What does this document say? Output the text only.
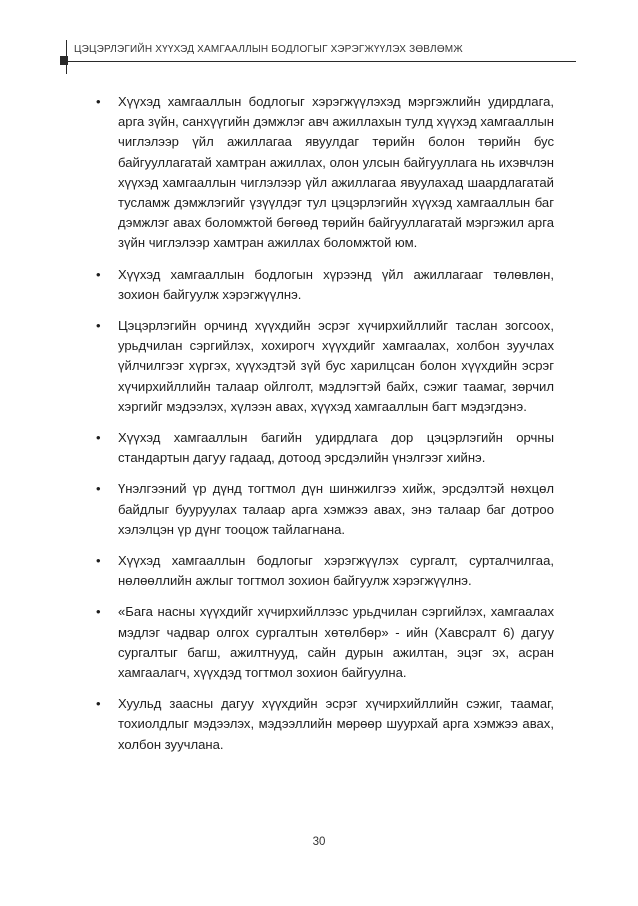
ЦЭЦЭРЛЭГИЙН ХҮҮХЭД ХАМГААЛЛЫН БОДЛОГЫГ ХЭРЭГЖҮҮЛЭХ ЗӨВЛӨМЖ
• Хүүхэд хамгааллын бодлогыг хэрэгжүүлэхэд мэргэжлийн удирдлага, арга зүйн, санхүүгийн дэмжлэг авч ажиллахын тулд хүүхэд хамгааллын чиглэлээр үйл ажиллагаа явуулдаг төрийн болон төрийн бус байгууллагатай хамтран ажиллах, олон улсын байгууллага нь ихэвчлэн хүүхэд хамгааллын чиглэлээр үйл ажиллагаа явуулахад шаардлагатай тусламж дэмжлэгийг үзүүлдэг тул цэцэрлэгийн хүүхэд хамгааллын баг дэмжлэг авах боломжтой бөгөөд төрийн байгууллагатай мэргэжил арга зүйн чиглэлээр хамтран ажиллах боломжтой юм.
• Хүүхэд хамгааллын бодлогын хүрээнд үйл ажиллагааг төлөвлөн, зохион байгуулж хэрэгжүүлнэ.
• Цэцэрлэгийн орчинд хүүхдийн эсрэг хүчирхийллийг таслан зогсоох, урьдчилан сэргийлэх, хохирогч хүүхдийг хамгаалах, холбон зуучлах үйлчилгээг хүргэх, хүүхэдтэй зүй бус харилцсан болон хүүхдийн эсрэг хүчирхийллийн талаар ойлголт, мэдлэгтэй байх, сэжиг таамаг, зөрчил хэргийг мэдээлэх, хүлээн авах, хүүхэд хамгааллын багт мэдэгдэнэ.
• Хүүхэд хамгааллын багийн удирдлага дор цэцэрлэгийн орчны стандартын дагуу гадаад, дотоод эрсдэлийн үнэлгээг хийнэ.
• Үнэлгээний үр дүнд тогтмол дүн шинжилгээ хийж, эрсдэлтэй нөхцөл байдлыг бууруулах талаар арга хэмжээ авах, энэ талаар баг дотроо хэлэлцэн үр дүнг тооцож тайлагнана.
• Хүүхэд хамгааллын бодлогыг хэрэгжүүлэх сургалт, сурталчилгаа, нөлөөллийн ажлыг тогтмол зохион байгуулж хэрэгжүүлнэ.
• «Бага насны хүүхдийг хүчирхийллээс урьдчилан сэргийлэх, хамгаалах мэдлэг чадвар олгох сургалтын хөтөлбөр» - ийн (Хавсралт 6) дагуу сургалтыг багш, ажилтнууд, сайн дурын ажилтан, эцэг эх, асран хамгаалагч, хүүхдэд тогтмол зохион байгуулна.
• Хуульд заасны дагуу хүүхдийн эсрэг хүчирхийллийн сэжиг, таамаг, тохиолдлыг мэдээлэх, мэдээллийн мөрөөр шуурхай арга хэмжээ авах, холбон зуучлана.
30
